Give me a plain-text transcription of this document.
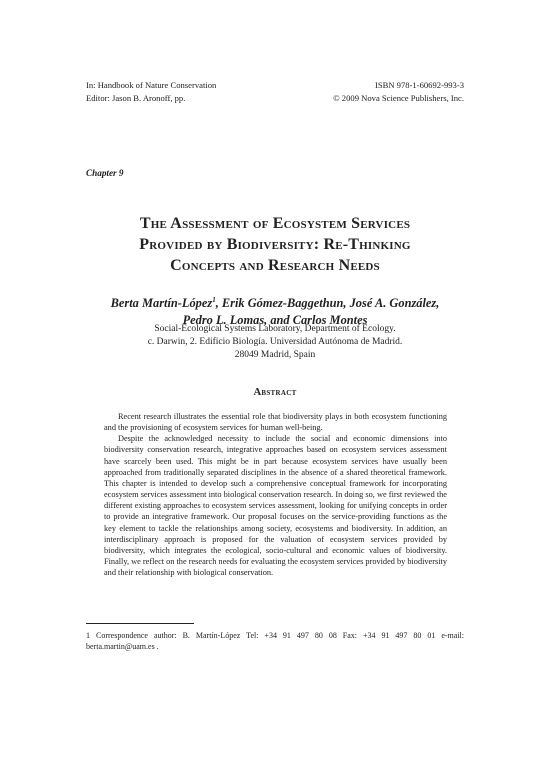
In: Handbook of Nature Conservation	ISBN 978-1-60692-993-3
Editor: Jason B. Aronoff, pp.	© 2009 Nova Science Publishers, Inc.
Chapter 9
The Assessment of Ecosystem Services
Provided by Biodiversity: Re-Thinking
Concepts and Research Needs
Berta Martín-López$^1$, Erik Gómez-Baggethun, José A. González,
Pedro L. Lomas, and Carlos Montes
Social-Ecological Systems Laboratory, Department of Ecology.
c. Darwin, 2. Edificio Biología. Universidad Autónoma de Madrid.
28049 Madrid, Spain
Abstract

Recent research illustrates the essential role that biodiversity plays in both ecosystem functioning and the provisioning of ecosystem services for human well-being.

Despite the acknowledged necessity to include the social and economic dimensions into biodiversity conservation research, integrative approaches based on ecosystem services assessment have scarcely been used. This might be in part because ecosystem services have usually been approached from traditionally separated disciplines in the absence of a shared theoretical framework. This chapter is intended to develop such a comprehensive conceptual framework for incorporating ecosystem services assessment into biological conservation research. In doing so, we first reviewed the different existing approaches to ecosystem services assessment, looking for unifying concepts in order to provide an integrative framework. Our proposal focuses on the service-providing functions as the key element to tackle the relationships among society, ecosystems and biodiversity. In addition, an interdisciplinary approach is proposed for the valuation of ecosystem services provided by biodiversity, which integrates the ecological, socio-cultural and economic values of biodiversity. Finally, we reflect on the research needs for evaluating the ecosystem services provided by biodiversity and their relationship with biological conservation.

1 Correspondence author: B. Martín-López Tel: +34 91 497 80 08 Fax: +34 91 497 80 01 e-mail: berta.martin@uam.es .
